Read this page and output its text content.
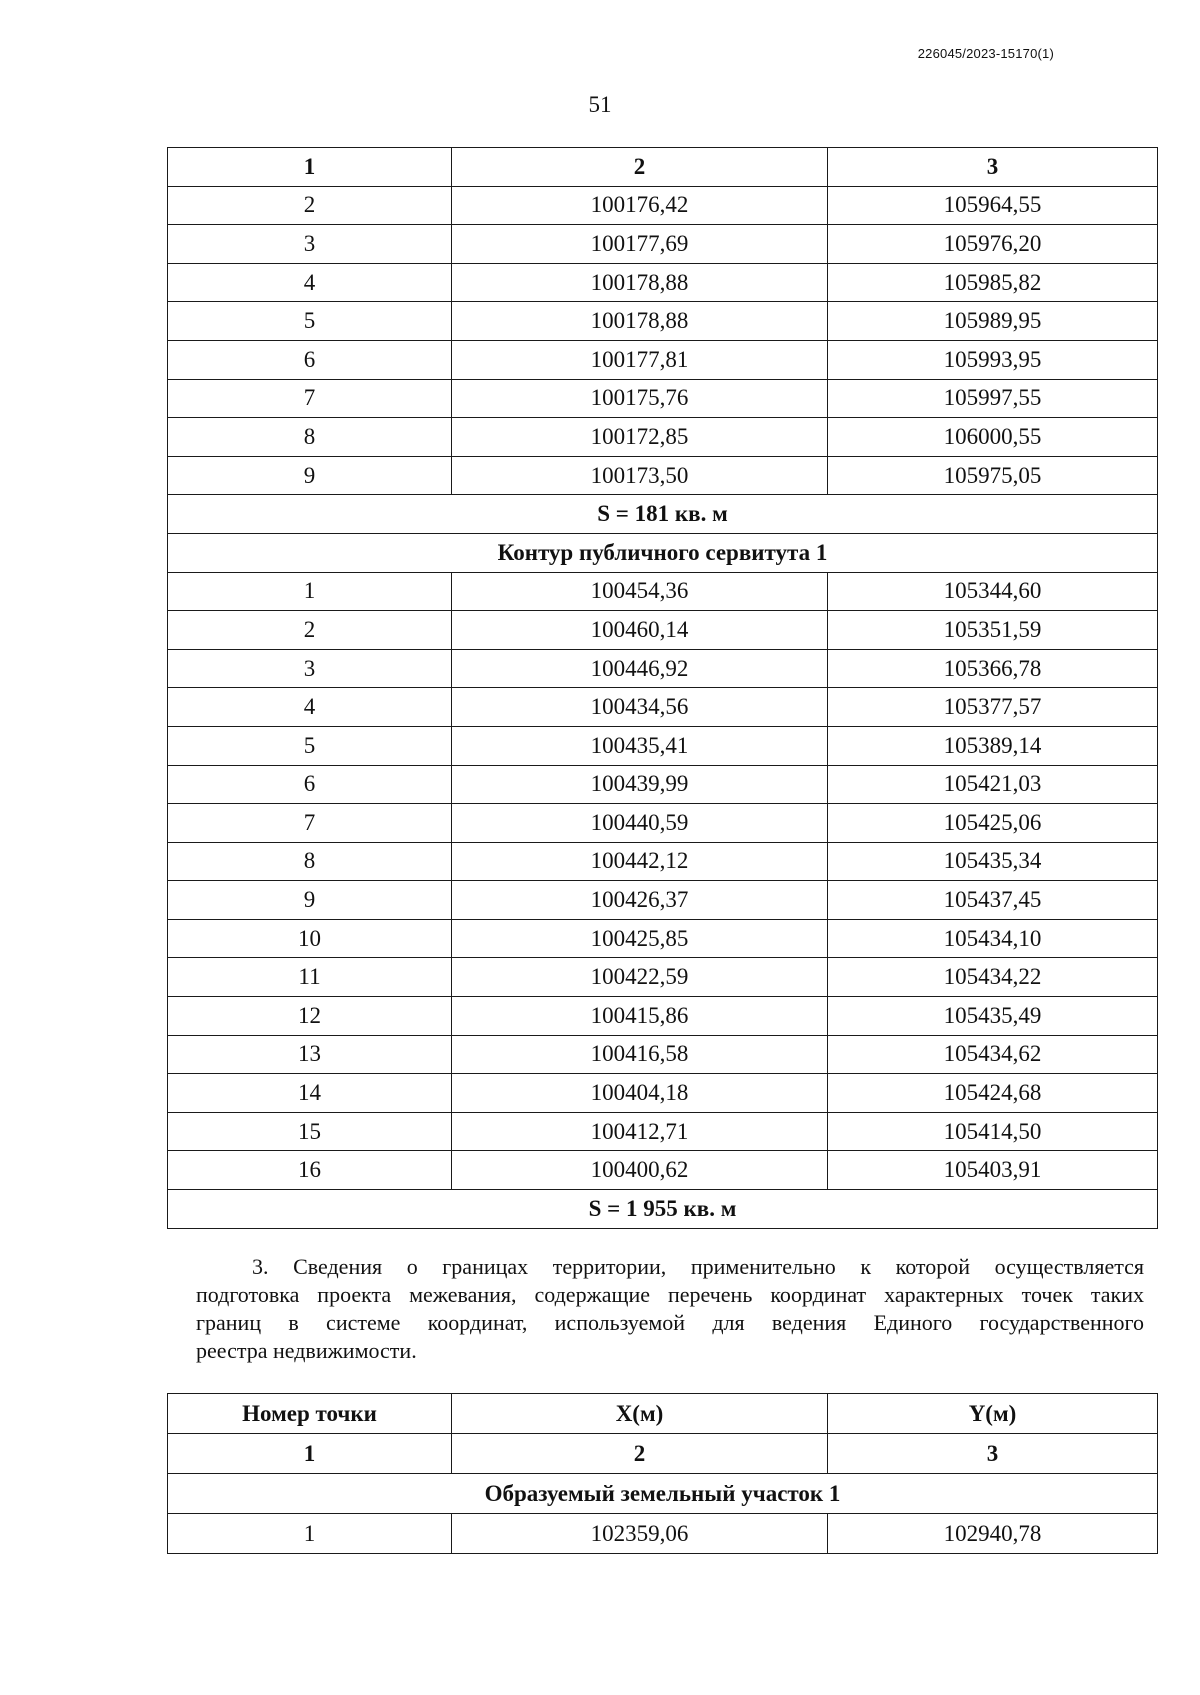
226045/2023-15170(1)
51
1	2	3
2	100176,42	105964,55
3	100177,69	105976,20
4	100178,88	105985,82
5	100178,88	105989,95
6	100177,81	105993,95
7	100175,76	105997,55
8	100172,85	106000,55
9	100173,50	105975,05
S = 181 кв. м		
Контур публичного сервитута 1		
1	100454,36	105344,60
2	100460,14	105351,59
3	100446,92	105366,78
4	100434,56	105377,57
5	100435,41	105389,14
6	100439,99	105421,03
7	100440,59	105425,06
8	100442,12	105435,34
9	100426,37	105437,45
10	100425,85	105434,10
11	100422,59	105434,22
12	100415,86	105435,49
13	100416,58	105434,62
14	100404,18	105424,68
15	100412,71	105414,50
16	100400,62	105403,91
S = 1 955 кв. м		
3. Сведения о границах территории, применительно к которой осуществляется
подготовка проекта межевания, содержащие перечень координат характерных точек таких
границ в системе координат, используемой для ведения Единого государственного
реестра недвижимости.
Номер точки	X(м)	Y(м)
1	2	3
Образуемый земельный участок 1		
1	102359,06	102940,78
